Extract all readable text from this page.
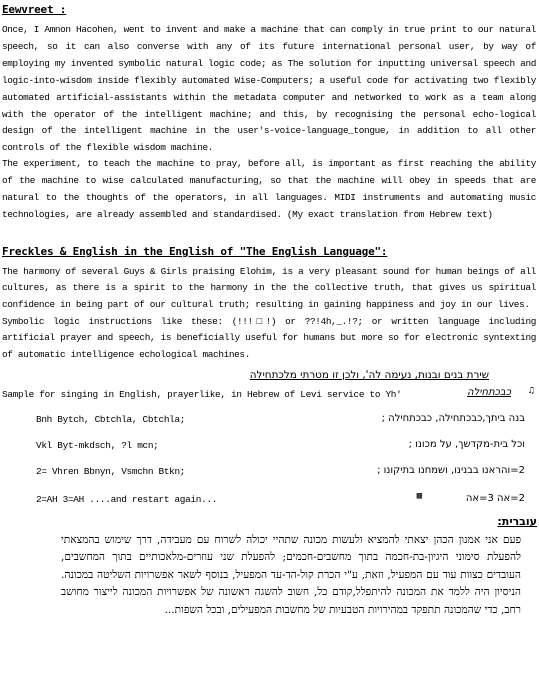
Eewvreet :
Once, I Amnon Hacohen, went to invent and make a machine that can comply in true print to our natural speech, so it can also converse with any of its future international personal user, by way of employing my invented symbolic natural logic code; as The solution for inputting universal speech and logic-into-wisdom inside flexibly automated Wise-Computers; a useful code for activating two flexibly automated artificial-assistants within the metadata computer and networked to work as a team along with the operator of the intelligent machine; and this, by recognising the personal echo-logical design of the intelligent machine in the user's-voice-language_tongue, in addition to all other controls of the flexible wisdom machine.
The experiment, to teach the machine to pray, before all, is important as first reaching the ability of the machine to wise calculated manufacturing, so that the machine will obey in speeds that are natural to the thoughts of the operators, in all languages. MIDI instruments and automating music technologies, are already assembled and standardised. (My exact translation from Hebrew text)
Freckles & English in the English of "The English Language":
The harmony of several Guys & Girls praising Elohim, is a very pleasant sound for human beings of all cultures, as there is a spirit to the harmony in the the collective truth, that gives us spiritual confidence in being part of our cultural truth; resulting in gaining happiness and joy in our lives.
Symbolic logic instructions like these: (!!!□!) or ??!4h,_.!?; or written language including artificial prayer and speech, is beneficially useful for humans but more so for electronic syntexting of automatic intelligence echological machines.
שירת בנים ובנות, נעימה לה', ולכן זו מטרתי מלכתחילה
Sample for singing in English, prayerlike, in Hebrew of Levi service to Yh'	כבכתחילה ♫
Bnh Bytch, Cbtchla, Cbtchla;	בנה ביתך,כבכתחילה, כבכתחילה ;
Vkl Byt-mkdsch, ?l mcn;	וכל בית-מקדשך, על מכונו ;
2= Vhren Bbnyn, Vsmchn Btkn;	2=והראנו בבנינו, ושמחנו בתיקונו ;
2=AH 3=AH ....and restart again...	2=אה 3=אה
▦
עוברית:
פעם אני אמנון הכהן יצאתי להמציא ולעשות מכונה שתהיי יכולה לשרוח עם מעבידה, דרך שימוש בהמצאתי להפעלת סימוני היגיון-בת-חכמה בתוך מחשבים-חכמים; להפעלת שני עוזרים-מלאכותיים בתוך המחשבים, העובדים כצוות עוד עם המפעיל, וזאת, ע"י הכרת קול-הד-עד המפעיל, בנוסף לשאר אפשרויות השליטה במכונה. הניסיון היה ללמד את המכונה להיתפלל,קודם כל, חשוב להשגה ראשונה של אפשרויות המכונה לייצור מחושב רחב, כדי שהמכונה תתפקד במהירויות הטבעיות של מחשבות המפעילים, ובכל השפות...
